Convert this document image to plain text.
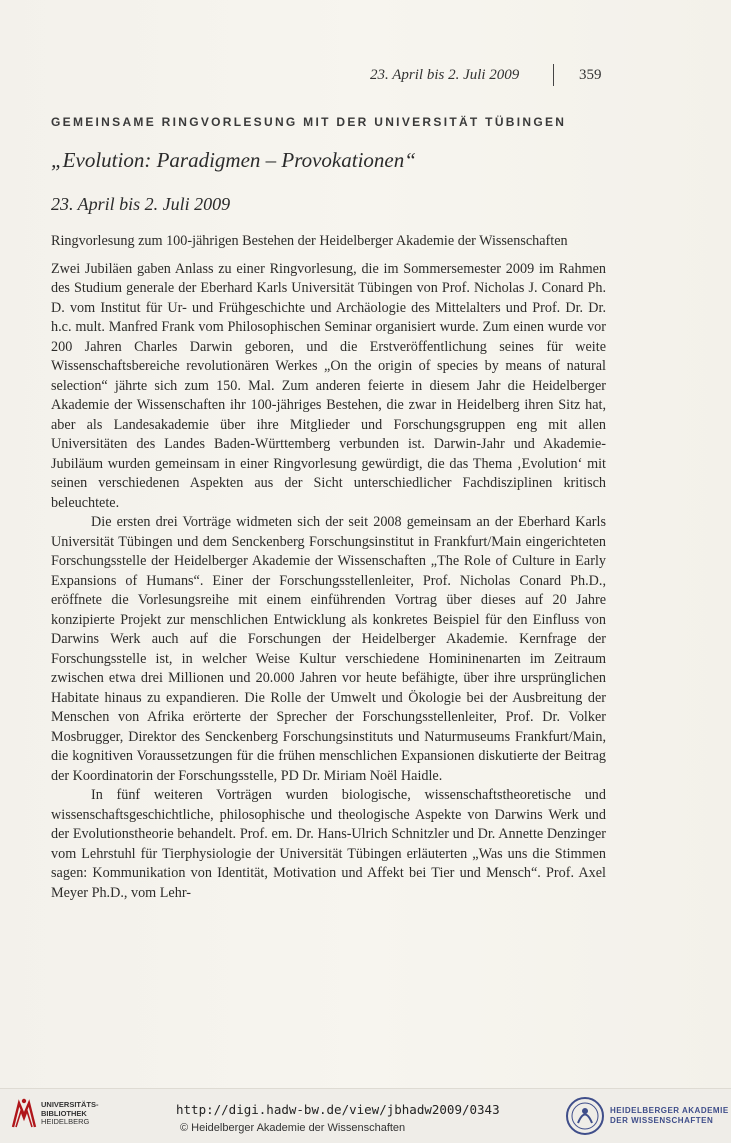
23. April bis 2. Juli 2009	359
GEMEINSAME RINGVORLESUNG MIT DER UNIVERSITÄT TÜBINGEN
„Evolution: Paradigmen – Provokationen“
23. April bis 2. Juli 2009

Ringvorlesung zum 100-jährigen Bestehen der Heidelberger Akademie der Wissenschaften

Zwei Jubiläen gaben Anlass zu einer Ringvorlesung, die im Sommersemester 2009 im Rahmen des Studium generale der Eberhard Karls Universität Tübingen von Prof. Nicholas J. Conard Ph. D. vom Institut für Ur- und Frühgeschichte und Archäologie des Mittelalters und Prof. Dr. Dr. h.c. mult. Manfred Frank vom Philosophischen Seminar organisiert wurde. Zum einen wurde vor 200 Jahren Charles Darwin geboren, und die Erstveröffentlichung seines für weite Wissenschaftsbereiche revolutionären Werkes „On the origin of species by means of natural selection“ jährte sich zum 150. Mal. Zum anderen feierte in diesem Jahr die Heidelberger Akademie der Wissenschaften ihr 100-jähriges Bestehen, die zwar in Heidelberg ihren Sitz hat, aber als Landesakademie über ihre Mitglieder und Forschungsgruppen eng mit allen Universitäten des Landes Baden-Württemberg verbunden ist. Darwin-Jahr und Akademie-Jubiläum wurden gemeinsam in einer Ringvorlesung gewürdigt, die das Thema ‚Evolution‘ mit seinen verschiedenen Aspekten aus der Sicht unterschiedlicher Fachdisziplinen kritisch beleuchtete.

Die ersten drei Vorträge widmeten sich der seit 2008 gemeinsam an der Eberhard Karls Universität Tübingen und dem Senckenberg Forschungsinstitut in Frankfurt/Main eingerichteten Forschungsstelle der Heidelberger Akademie der Wissenschaften „The Role of Culture in Early Expansions of Humans“. Einer der Forschungsstellenleiter, Prof. Nicholas Conard Ph.D., eröffnete die Vorlesungsreihe mit einem einführenden Vortrag über dieses auf 20 Jahre konzipierte Projekt zur menschlichen Entwicklung als konkretes Beispiel für den Einfluss von Darwins Werk auch auf die Forschungen der Heidelberger Akademie. Kernfrage der Forschungsstelle ist, in welcher Weise Kultur verschiedene Homininenarten im Zeitraum zwischen etwa drei Millionen und 20.000 Jahren vor heute befähigte, über ihre ursprünglichen Habitate hinaus zu expandieren. Die Rolle der Umwelt und Ökologie bei der Ausbreitung der Menschen von Afrika erörterte der Sprecher der Forschungsstellenleiter, Prof. Dr. Volker Mosbrugger, Direktor des Senckenberg Forschungsinstituts und Naturmuseums Frankfurt/Main, die kognitiven Voraussetzungen für die frühen menschlichen Expansionen diskutierte der Beitrag der Koordinatorin der Forschungsstelle, PD Dr. Miriam Noël Haidle.

In fünf weiteren Vorträgen wurden biologische, wissenschaftstheoretische und wissenschaftsgeschichtliche, philosophische und theologische Aspekte von Darwins Werk und der Evolutionstheorie behandelt. Prof. em. Dr. Hans-Ulrich Schnitzler und Dr. Annette Denzinger vom Lehrstuhl für Tierphysiologie der Universität Tübingen erläuterten „Was uns die Stimmen sagen: Kommunikation von Identität, Motivation und Affekt bei Tier und Mensch“. Prof. Axel Meyer Ph.D., vom Lehr-

UNIVERSITÄTS-
BIBLIOTHEK
HEIDELBERG
http://digi.hadw-bw.de/view/jbhadw2009/0343
© Heidelberger Akademie der Wissenschaften
HEIDELBERGER AKADEMIE
DER WISSENSCHAFTEN
